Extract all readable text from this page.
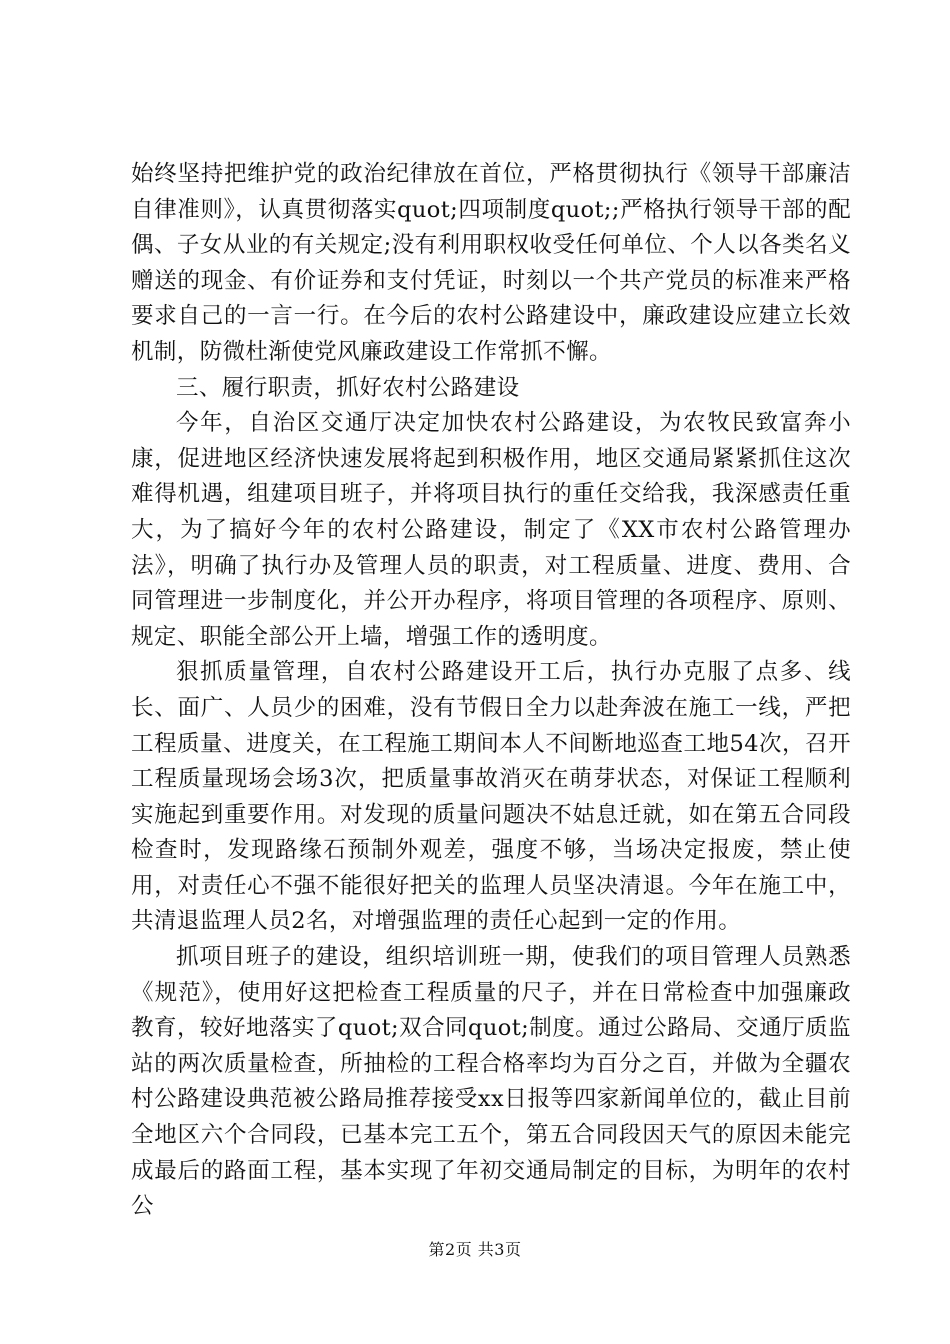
始终坚持把维护党的政治纪律放在首位，严格贯彻执行《领导干部廉洁自律准则》，认真贯彻落实quot;四项制度quot;;严格执行领导干部的配偶、子女从业的有关规定;没有利用职权收受任何单位、个人以各类名义赠送的现金、有价证券和支付凭证，时刻以一个共产党员的标准来严格要求自己的一言一行。在今后的农村公路建设中，廉政建设应建立长效机制，防微杜渐使党风廉政建设工作常抓不懈。

三、履行职责，抓好农村公路建设

今年，自治区交通厅决定加快农村公路建设，为农牧民致富奔小康，促进地区经济快速发展将起到积极作用，地区交通局紧紧抓住这次难得机遇，组建项目班子，并将项目执行的重任交给我，我深感责任重大，为了搞好今年的农村公路建设，制定了《XX市农村公路管理办法》，明确了执行办及管理人员的职责，对工程质量、进度、费用、合同管理进一步制度化，并公开办程序，将项目管理的各项程序、原则、规定、职能全部公开上墙，增强工作的透明度。

狠抓质量管理，自农村公路建设开工后，执行办克服了点多、线长、面广、人员少的困难，没有节假日全力以赴奔波在施工一线，严把工程质量、进度关，在工程施工期间本人不间断地巡查工地54次，召开工程质量现场会场3次，把质量事故消灭在萌芽状态，对保证工程顺利实施起到重要作用。对发现的质量问题决不姑息迁就，如在第五合同段检查时，发现路缘石预制外观差，强度不够，当场决定报废，禁止使用，对责任心不强不能很好把关的监理人员坚决清退。今年在施工中，共清退监理人员2名，对增强监理的责任心起到一定的作用。

抓项目班子的建设，组织培训班一期，使我们的项目管理人员熟悉《规范》，使用好这把检查工程质量的尺子，并在日常检查中加强廉政教育，较好地落实了quot;双合同quot;制度。通过公路局、交通厅质监站的两次质量检查，所抽检的工程合格率均为百分之百，并做为全疆农村公路建设典范被公路局推荐接受xx日报等四家新闻单位的，截止目前全地区六个合同段，已基本完工五个，第五合同段因天气的原因未能完成最后的路面工程，基本实现了年初交通局制定的目标，为明年的农村公

第2页 共3页
